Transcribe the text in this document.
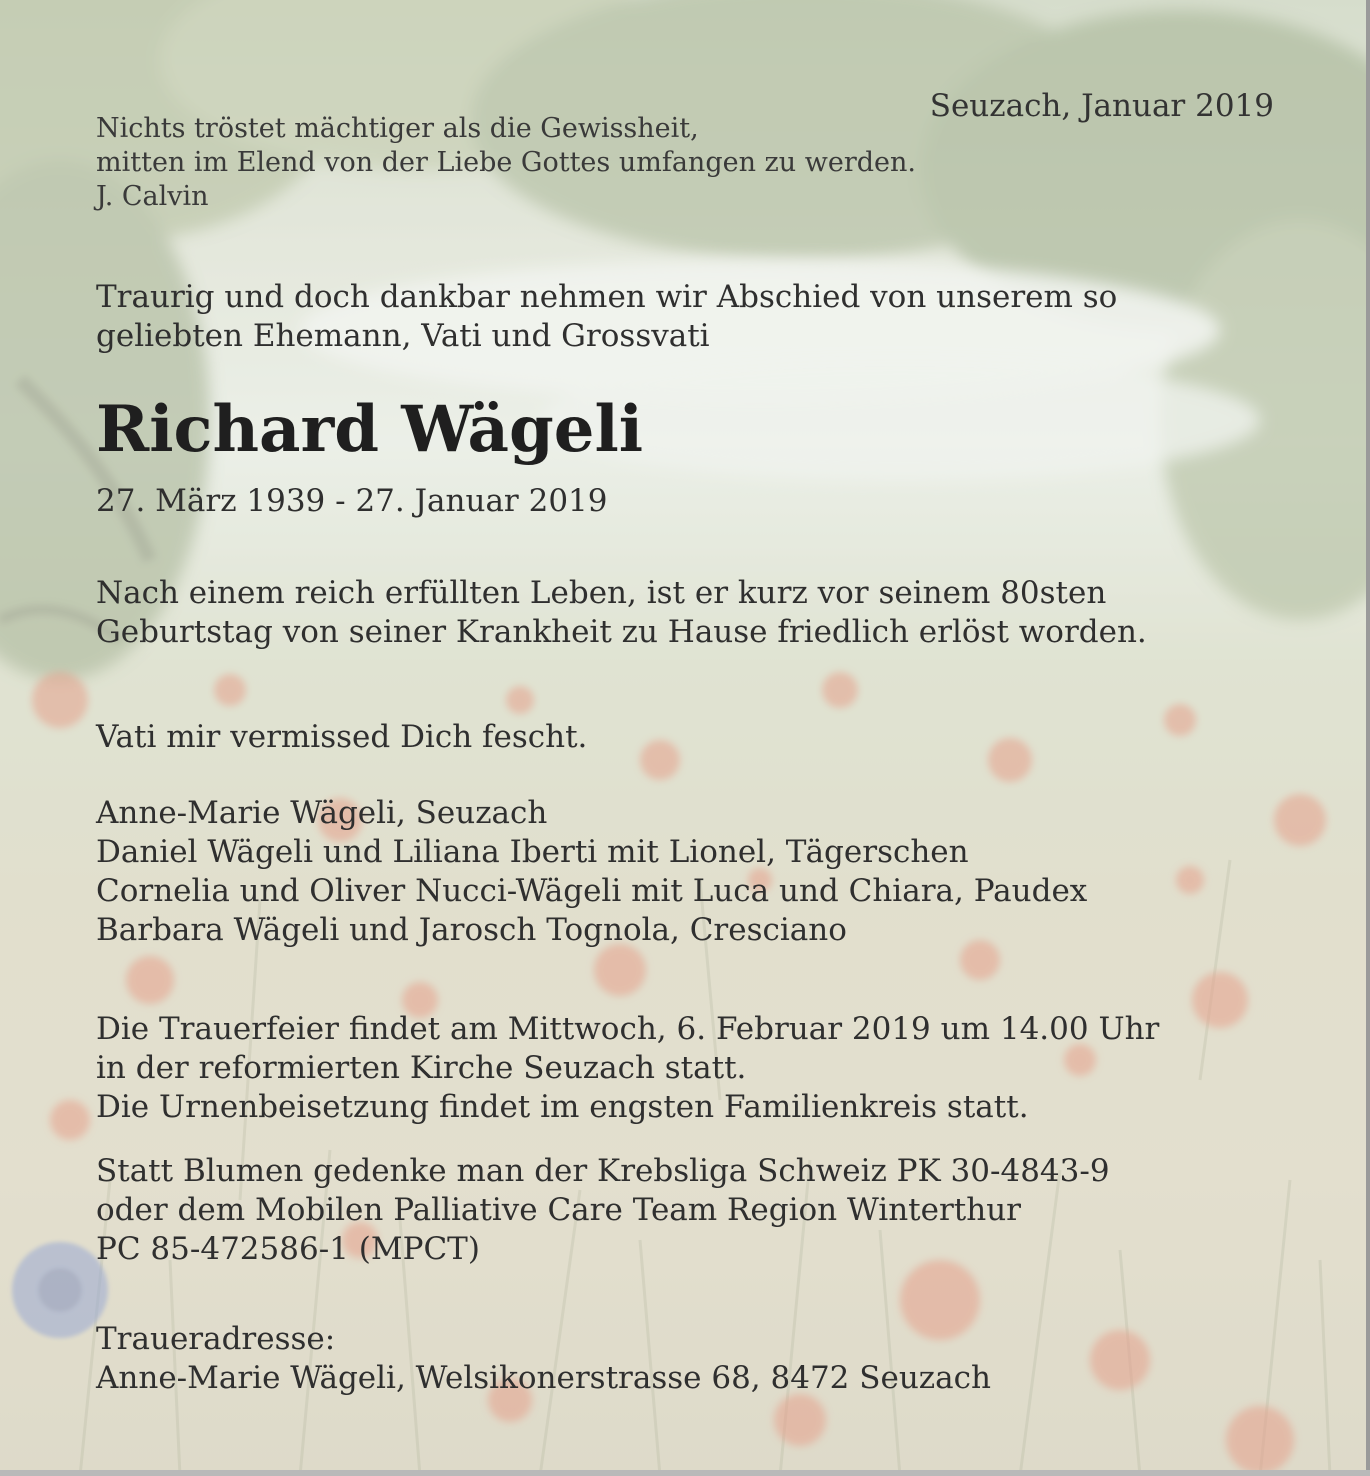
Seuzach, Januar 2019

Nichts tröstet mächtiger als die Gewissheit,
mitten im Elend von der Liebe Gottes umfangen zu werden.
J. Calvin

Traurig und doch dankbar nehmen wir Abschied von unserem so
geliebten Ehemann, Vati und Grossvati

Richard Wägeli

27. März 1939 - 27. Januar 2019

Nach einem reich erfüllten Leben, ist er kurz vor seinem 80sten
Geburtstag von seiner Krankheit zu Hause friedlich erlöst worden.

Vati mir vermissed Dich fescht.

Anne-Marie Wägeli, Seuzach
Daniel Wägeli und Liliana Iberti mit Lionel, Tägerschen
Cornelia und Oliver Nucci-Wägeli mit Luca und Chiara, Paudex
Barbara Wägeli und Jarosch Tognola, Cresciano

Die Trauerfeier findet am Mittwoch, 6. Februar 2019 um 14.00 Uhr
in der reformierten Kirche Seuzach statt.
Die Urnenbeisetzung findet im engsten Familienkreis statt.

Statt Blumen gedenke man der Krebsliga Schweiz PK 30-4843-9
oder dem Mobilen Palliative Care Team Region Winterthur
PC 85-472586-1 (MPCT)

Traueradresse:
Anne-Marie Wägeli, Welsikonerstrasse 68, 8472 Seuzach
